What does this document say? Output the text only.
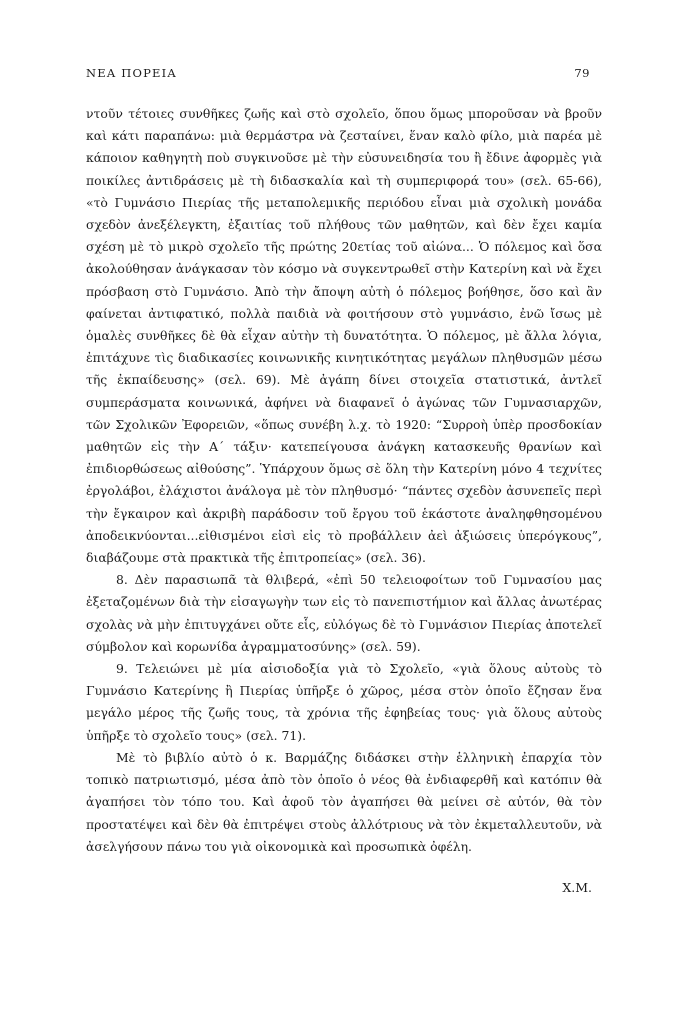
ΝΕΑ ΠΟΡΕΙΑ	79

ντοῦν τέτοιες συνθῆκες ζωῆς καὶ στὸ σχολεῖο, ὅπου ὅμως μποροῦσαν νὰ βροῦν καὶ κάτι παραπάνω: μιὰ θερμάστρα νὰ ζεσταίνει, ἕναν καλὸ φίλο, μιὰ παρέα μὲ κάποιον καθηγητὴ ποὺ συγκινοῦσε μὲ τὴν εὐσυνειδησία του ἢ ἔδινε ἀφορμὲς γιὰ ποικίλες ἀντιδράσεις μὲ τὴ διδασκαλία καὶ τὴ συμπεριφορά του» (σελ. 65-66), «τὸ Γυμνάσιο Πιερίας τῆς μεταπολεμικῆς περιόδου εἶναι μιὰ σχολικὴ μονάδα σχεδὸν ἀνεξέλεγκτη, ἐξαιτίας τοῦ πλήθους τῶν μαθητῶν, καὶ δὲν ἔχει καμία σχέση μὲ τὸ μικρὸ σχολεῖο τῆς πρώτης 20ετίας τοῦ αἰώνα... Ὁ πόλεμος καὶ ὅσα ἀκολούθησαν ἀνάγκασαν τὸν κόσμο νὰ συγκεντρωθεῖ στὴν Κατερίνη καὶ νὰ ἔχει πρόσβαση στὸ Γυμνάσιο. Ἀπὸ τὴν ἄποψη αὐτὴ ὁ πόλεμος βοήθησε, ὅσο καὶ ἂν φαίνεται ἀντιφατικό, πολλὰ παιδιὰ νὰ φοιτήσουν στὸ γυμνάσιο, ἐνῶ ἴσως μὲ ὁμαλὲς συνθῆκες δὲ θὰ εἶχαν αὐτὴν τὴ δυνατότητα. Ὁ πόλεμος, μὲ ἄλλα λόγια, ἐπιτάχυνε τὶς διαδικασίες κοινωνικῆς κινητικότητας μεγάλων πληθυσμῶν μέσω τῆς ἐκπαίδευσης» (σελ. 69). Μὲ ἀγάπη δίνει στοιχεῖα στατιστικά, ἀντλεῖ συμπεράσματα κοινωνικά, ἀφήνει νὰ διαφανεῖ ὁ ἀγώνας τῶν Γυμνασιαρχῶν, τῶν Σχολικῶν Ἐφορειῶν, «ὅπως συνέβη λ.χ. τὸ 1920: “Συρροὴ ὑπὲρ προσδοκίαν μαθητῶν εἰς τὴν Α΄ τάξιν· κατεπείγουσα ἀνάγκη κατασκευῆς θρανίων καὶ ἐπιδιορθώσεως αἰθούσης”. Ὑπάρχουν ὅμως σὲ ὅλη τὴν Κατερίνη μόνο 4 τεχνίτες ἐργολάβοι, ἐλάχιστοι ἀνάλογα μὲ τὸν πληθυσμό· “πάντες σχεδὸν ἀσυνεπεῖς περὶ τὴν ἔγκαιρον καὶ ἀκριβὴ παράδοσιν τοῦ ἔργου τοῦ ἑκάστοτε ἀναληφθησομένου ἀποδεικνύονται...εἰθισμένοι εἰσὶ εἰς τὸ προβάλλειν ἀεὶ ἀξιώσεις ὑπερόγκους”, διαβάζουμε στὰ πρακτικὰ τῆς ἐπιτροπείας» (σελ. 36).

8. Δὲν παρασιωπᾶ τὰ θλιβερά, «ἐπὶ 50 τελειοφοίτων τοῦ Γυμνασίου μας ἐξεταζομένων διὰ τὴν εἰσαγωγὴν των εἰς τὸ πανεπιστήμιον καὶ ἄλλας ἀνωτέρας σχολὰς νὰ μὴν ἐπιτυγχάνει οὔτε εἷς, εὐλόγως δὲ τὸ Γυμνάσιον Πιερίας ἀποτελεῖ σύμβολον καὶ κορωνίδα ἀγραμματοσύνης» (σελ. 59).

9. Τελειώνει μὲ μία αἰσιοδοξία γιὰ τὸ Σχολεῖο, «γιὰ ὅλους αὐτοὺς τὸ Γυμνάσιο Κατερίνης ἢ Πιερίας ὑπῆρξε ὁ χῶρος, μέσα στὸν ὁποῖο ἔζησαν ἕνα μεγάλο μέρος τῆς ζωῆς τους, τὰ χρόνια τῆς ἐφηβείας τους· γιὰ ὅλους αὐτοὺς ὑπῆρξε τὸ σχολεῖο τους» (σελ. 71).

Μὲ τὸ βιβλίο αὐτὸ ὁ κ. Βαρμάζης διδάσκει στὴν ἑλληνικὴ ἐπαρχία τὸν τοπικὸ πατριωτισμό, μέσα ἀπὸ τὸν ὁποῖο ὁ νέος θὰ ἐνδιαφερθῆ καὶ κατόπιν θὰ ἀγαπήσει τὸν τόπο του. Καὶ ἀφοῦ τὸν ἀγαπήσει θὰ μείνει σὲ αὐτόν, θὰ τὸν προστατέψει καὶ δὲν θὰ ἐπιτρέψει στοὺς ἀλλότριους νὰ τὸν ἐκμεταλλευτοῦν, νὰ ἀσελγήσουν πάνω του γιὰ οἰκονομικὰ καὶ προσωπικὰ ὀφέλη.

Χ.Μ.
